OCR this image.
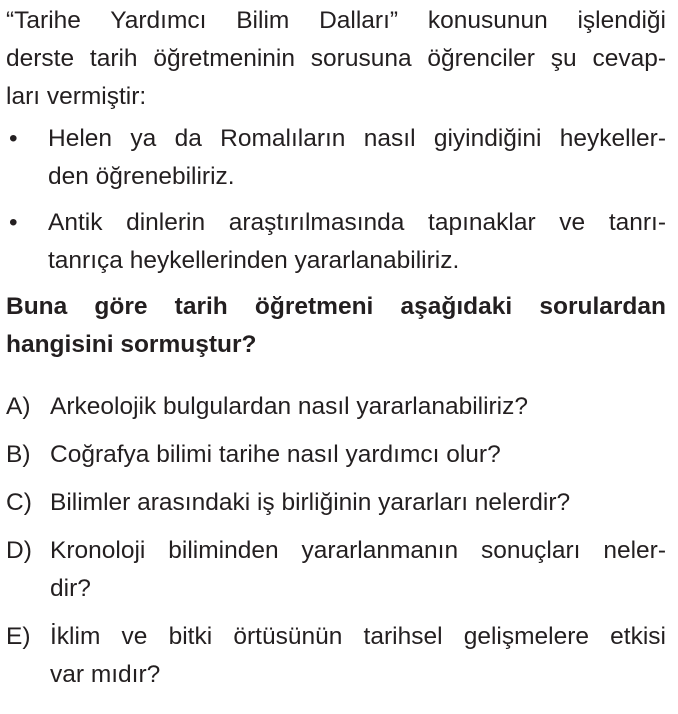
“Tarihe Yardımcı Bilim Dalları” konusunun işlendiği
derste tarih öğretmeninin sorusuna öğrenciler şu cevap-
ları vermiştir:
• Helen ya da Romalıların nasıl giyindiğini heykeller-
den öğrenebiliriz.
• Antik dinlerin araştırılmasında tapınaklar ve tanrı-
tanrıça heykellerinden yararlanabiliriz.
Buna göre tarih öğretmeni aşağıdaki sorulardan
hangisini sormuştur?
A) Arkeolojik bulgulardan nasıl yararlanabiliriz?
B) Coğrafya bilimi tarihe nasıl yardımcı olur?
C) Bilimler arasındaki iş birliğinin yararları nelerdir?
D) Kronoloji biliminden yararlanmanın sonuçları neler-
dir?
E) İklim ve bitki örtüsünün tarihsel gelişmelere etkisi
var mıdır?
